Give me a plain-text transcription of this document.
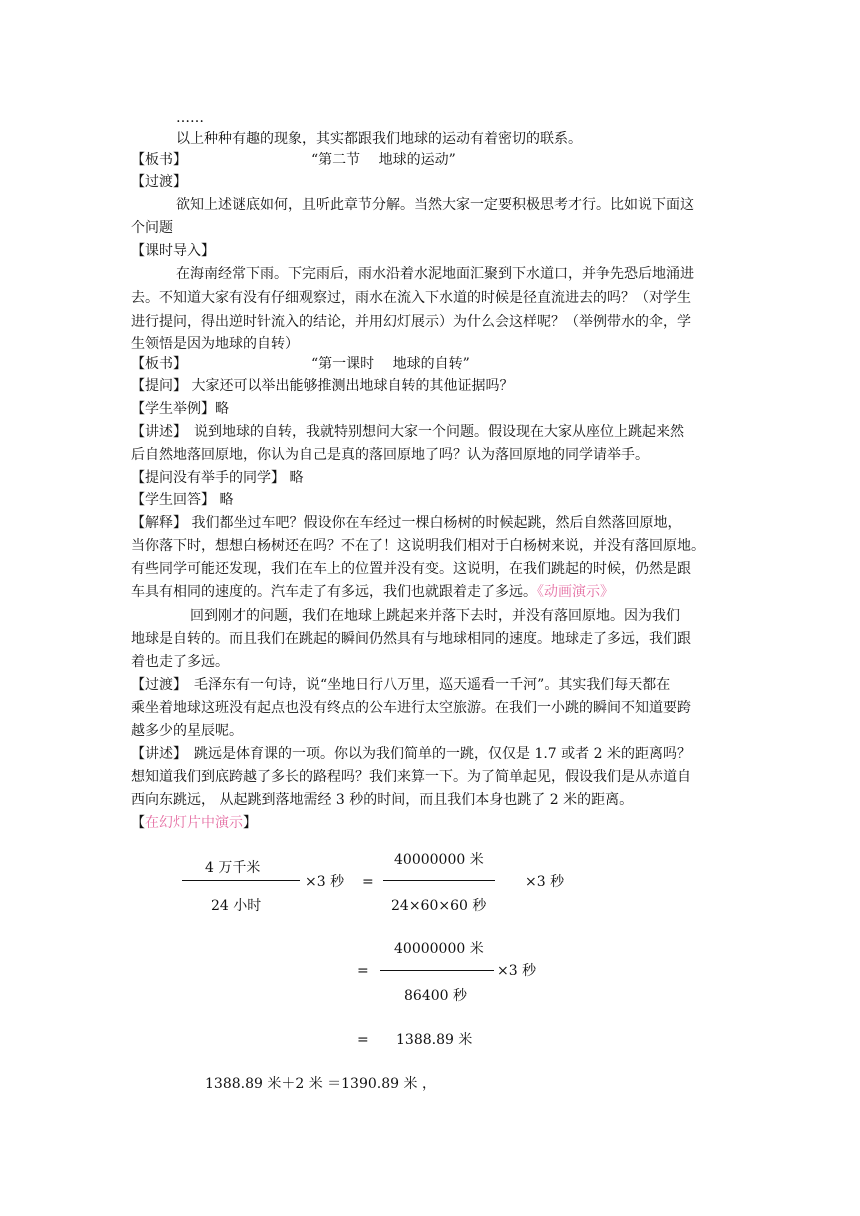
……
以上种种有趣的现象，其实都跟我们地球的运动有着密切的联系。
【板书】	“第二节　 地球的运动”
【过渡】
欲知上述谜底如何，且听此章节分解。当然大家一定要积极思考才行。比如说下面这
个问题
【课时导入】
在海南经常下雨。下完雨后，雨水沿着水泥地面汇聚到下水道口，并争先恐后地涌进
去。不知道大家有没有仔细观察过，雨水在流入下水道的时候是径直流进去的吗？（对学生
进行提问，得出逆时针流入的结论，并用幻灯展示）为什么会这样呢？（举例带水的伞，学
生领悟是因为地球的自转）
【板书】	“第一课时　 地球的自转”
【提问】 大家还可以举出能够推测出地球自转的其他证据吗？
【学生举例】略
【讲述】　说到地球的自转，我就特别想问大家一个问题。假设现在大家从座位上跳起来然
后自然地落回原地，你认为自己是真的落回原地了吗？认为落回原地的同学请举手。
【提问没有举手的同学】 略
【学生回答】 略
【解释】 我们都坐过车吧？假设你在车经过一棵白杨树的时候起跳，然后自然落回原地，
当你落下时，想想白杨树还在吗？不在了！这说明我们相对于白杨树来说，并没有落回原地。
有些同学可能还发现，我们在车上的位置并没有变。这说明，在我们跳起的时候，仍然是跟
车具有相同的速度的。汽车走了有多远，我们也就跟着走了多远。《动画演示》
回到刚才的问题，我们在地球上跳起来并落下去时，并没有落回原地。因为我们
地球是自转的。而且我们在跳起的瞬间仍然具有与地球相同的速度。地球走了多远，我们跟
着也走了多远。
【过渡】　毛泽东有一句诗，说“坐地日行八万里，巡天遥看一千河”。其实我们每天都在
乘坐着地球这班没有起点也没有终点的公车进行太空旅游。在我们一小跳的瞬间不知道要跨
越多少的星辰呢。
【讲述】　跳远是体育课的一项。你以为我们简单的一跳，仅仅是 1.7 或者 2 米的距离吗？
想知道我们到底跨越了多长的路程吗？我们来算一下。为了简单起见，假设我们是从赤道自
西向东跳远， 从起跳到落地需经 3 秒的时间，而且我们本身也跳了 2 米的距离。
【在幻灯片中演示】
4 万千米
24 小时
×3 秒 =
40000000 米
24×60×60 秒
×3 秒
=
40000000 米
86400 秒
×3 秒
= 1388.89 米
1388.89 米＋2 米 ＝1390.89 米 ，
